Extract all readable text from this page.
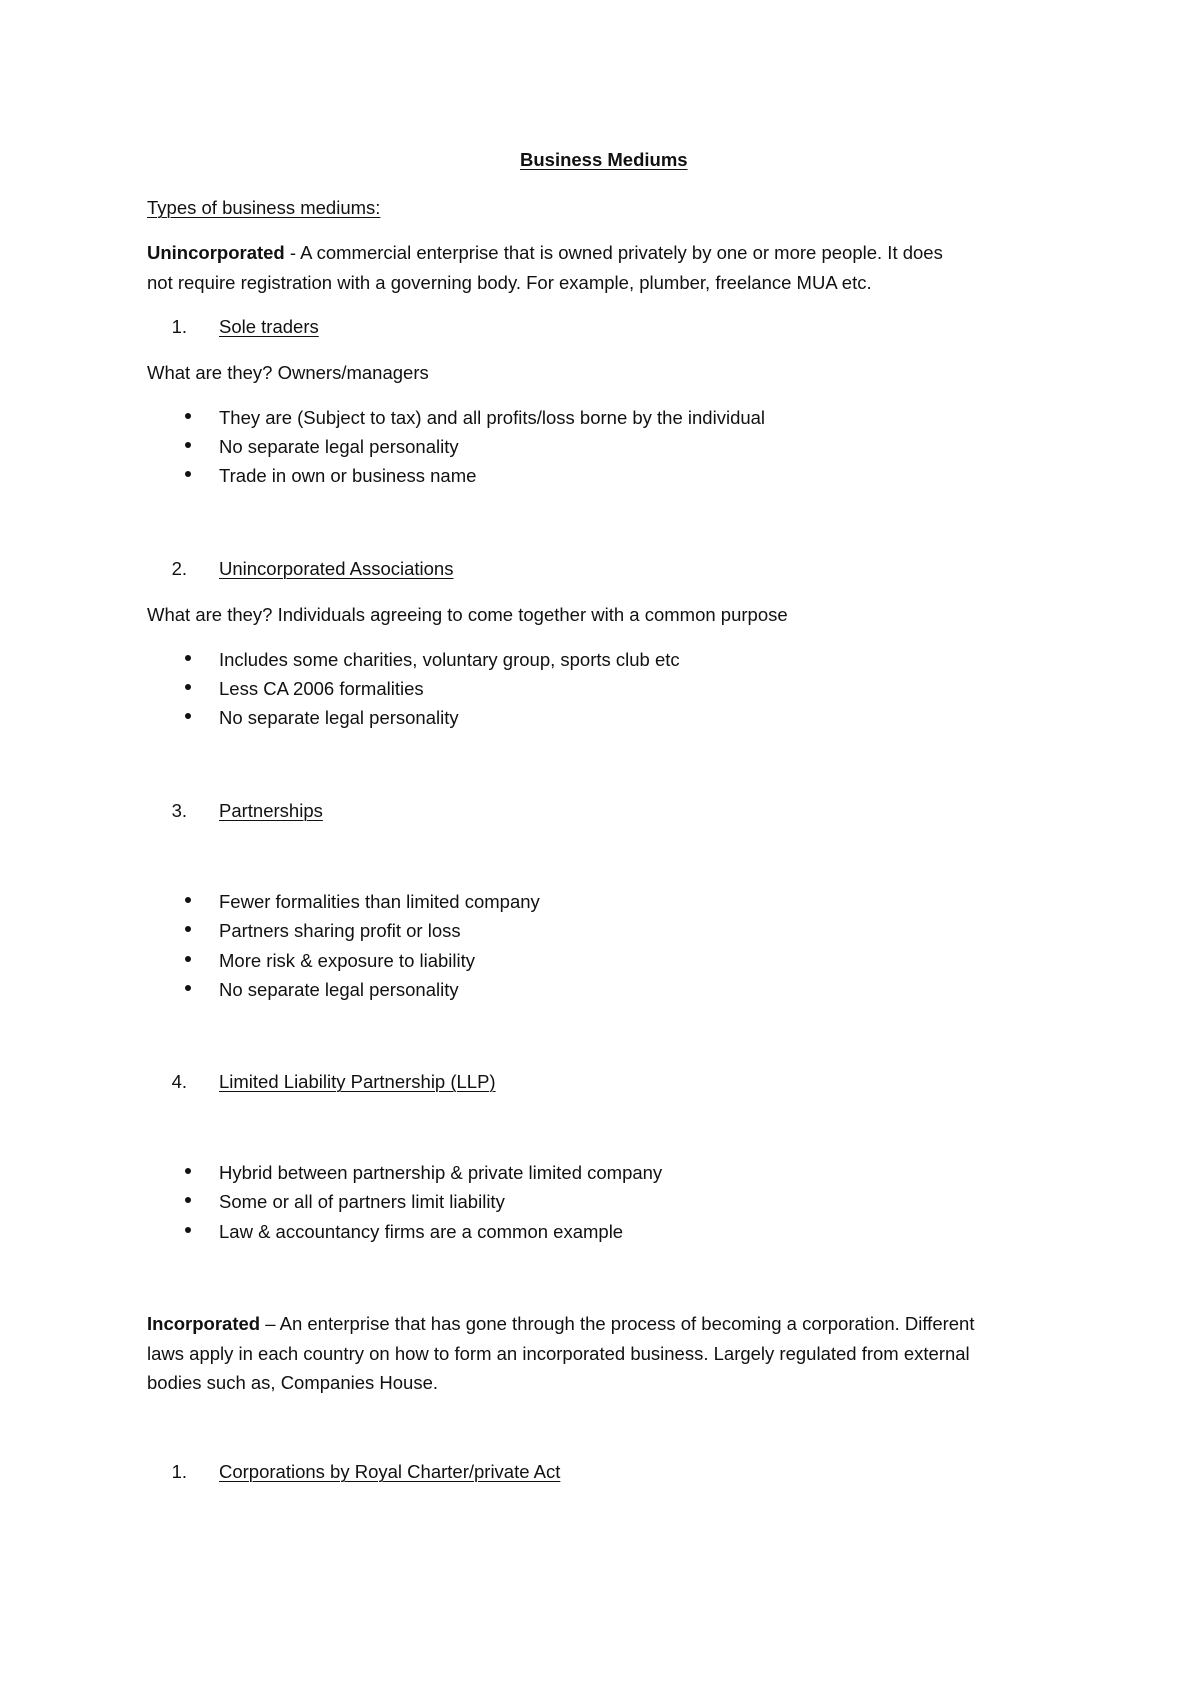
Business Mediums
Types of business mediums:
Unincorporated - A commercial enterprise that is owned privately by one or more people. It does
not require registration with a governing body. For example, plumber, freelance MUA etc.
1. Sole traders
What are they? Owners/managers
They are (Subject to tax) and all profits/loss borne by the individual
No separate legal personality
Trade in own or business name
2. Unincorporated Associations
What are they? Individuals agreeing to come together with a common purpose
Includes some charities, voluntary group, sports club etc
Less CA 2006 formalities
No separate legal personality
3. Partnerships
Fewer formalities than limited company
Partners sharing profit or loss
More risk & exposure to liability
No separate legal personality
4. Limited Liability Partnership (LLP)
Hybrid between partnership & private limited company
Some or all of partners limit liability
Law & accountancy firms are a common example
Incorporated – An enterprise that has gone through the process of becoming a corporation. Different
laws apply in each country on how to form an incorporated business. Largely regulated from external
bodies such as, Companies House.
1. Corporations by Royal Charter/private Act
